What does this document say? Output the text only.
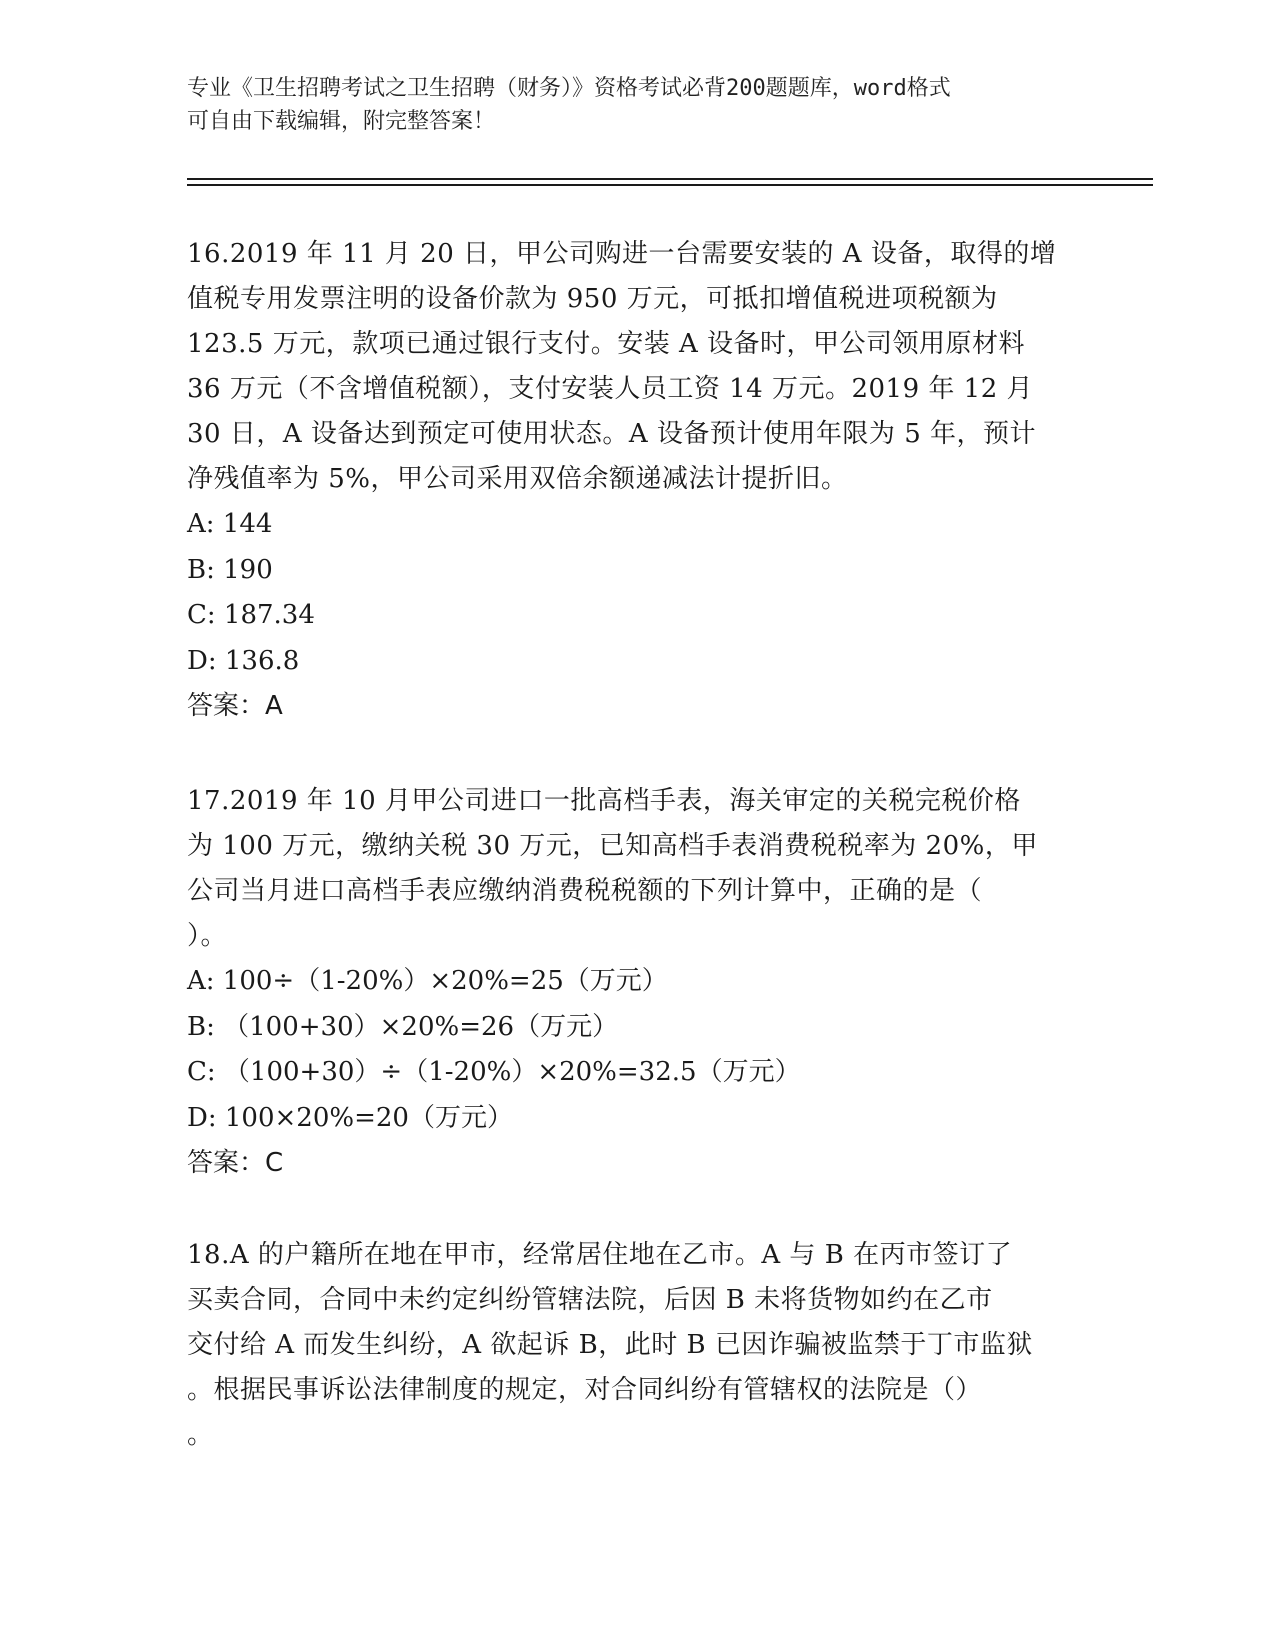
专业《卫生招聘考试之卫生招聘（财务）》资格考试必背200题题库，word格式
可自由下载编辑，附完整答案！
16.2019 年 11 月 20 日，甲公司购进一台需要安装的 A 设备，取得的增
值税专用发票注明的设备价款为 950 万元，可抵扣增值税进项税额为
123.5 万元，款项已通过银行支付。安装 A 设备时，甲公司领用原材料
36 万元（不含增值税额），支付安装人员工资 14 万元。2019 年 12 月
30 日，A 设备达到预定可使用状态。A 设备预计使用年限为 5 年，预计
净残值率为 5%，甲公司采用双倍余额递减法计提折旧。
A: 144
B: 190
C: 187.34
D: 136.8
答案：A
17.2019 年 10 月甲公司进口一批高档手表，海关审定的关税完税价格
为 100 万元，缴纳关税 30 万元，已知高档手表消费税税率为 20%，甲
公司当月进口高档手表应缴纳消费税税额的下列计算中，正确的是（
）。
A: 100÷（1-20%）×20%=25（万元）
B: （100+30）×20%=26（万元）
C: （100+30）÷（1-20%）×20%=32.5（万元）
D: 100×20%=20（万元）
答案：C
18.A 的户籍所在地在甲市，经常居住地在乙市。A 与 B 在丙市签订了
买卖合同，合同中未约定纠纷管辖法院，后因 B 未将货物如约在乙市
交付给 A 而发生纠纷，A 欲起诉 B，此时 B 已因诈骗被监禁于丁市监狱
。根据民事诉讼法律制度的规定，对合同纠纷有管辖权的法院是（）
。
